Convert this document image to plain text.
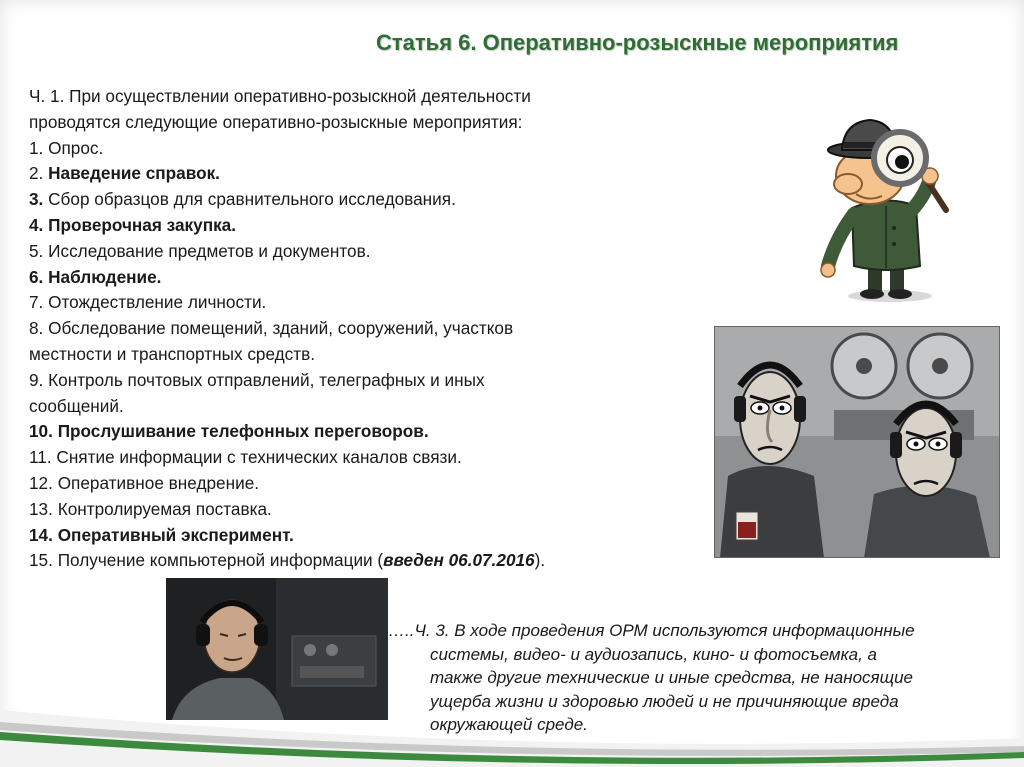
Статья 6. Оперативно-розыскные мероприятия
Ч. 1. При осуществлении оперативно-розыскной деятельности
проводятся следующие оперативно-розыскные мероприятия:
1. Опрос.
2. Наведение справок.
3. Сбор образцов для сравнительного исследования.
4. Проверочная закупка.
5. Исследование предметов и документов.
6. Наблюдение.
7. Отождествление личности.
8. Обследование помещений, зданий, сооружений, участков
местности и транспортных средств.
9. Контроль почтовых отправлений, телеграфных и иных
сообщений.
10. Прослушивание телефонных переговоров.
11. Снятие информации с технических каналов связи.
12. Оперативное внедрение.
13. Контролируемая поставка.
14. Оперативный эксперимент.
15. Получение компьютерной информации (введен 06.07.2016).
…..Ч. 3. В ходе проведения ОРМ используются информационные
системы, видео- и аудиозапись, кино- и фотосъемка, а
также другие технические и иные средства, не наносящие
ущерба жизни и здоровью людей и не причиняющие вреда
окружающей среде.
